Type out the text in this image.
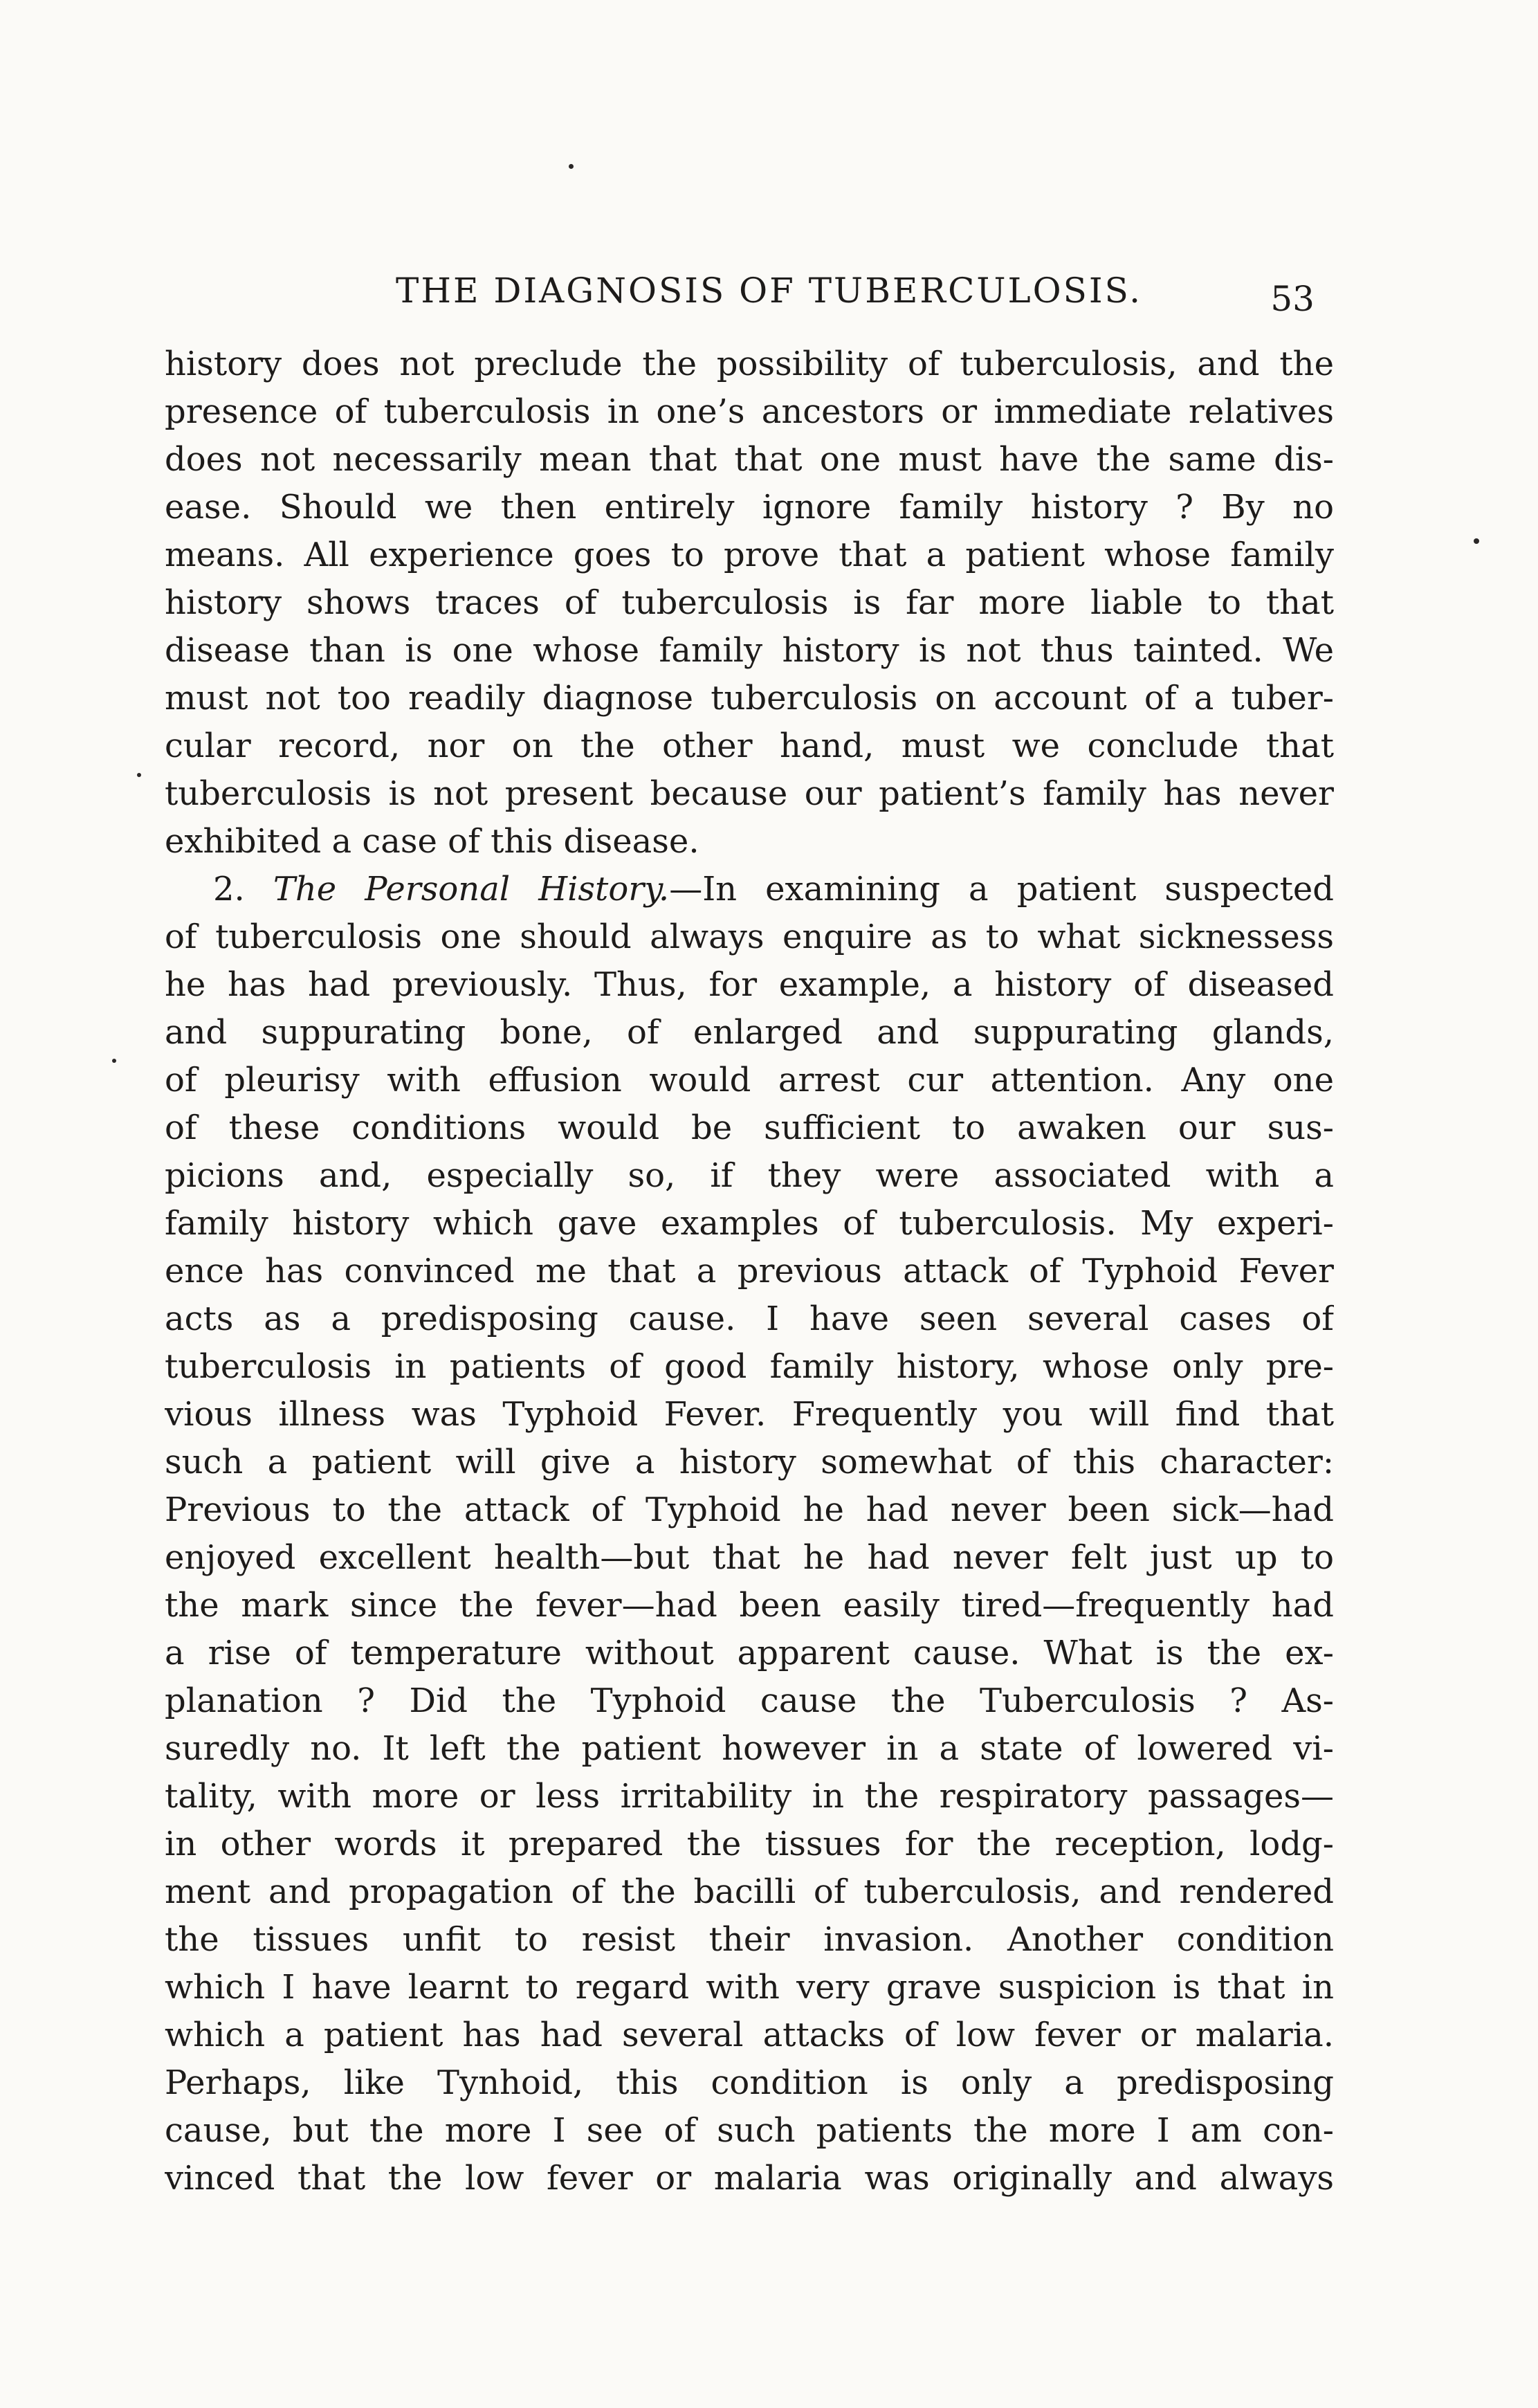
THE DIAGNOSIS OF TUBERCULOSIS.	53
history does not preclude the possibility of tuberculosis, and the
presence of tuberculosis in one’s ancestors or immediate relatives
does not necessarily mean that that one must have the same dis-
ease. Should we then entirely ignore family history ? By no
means. All experience goes to prove that a patient whose family
history shows traces of tuberculosis is far more liable to that
disease than is one whose family history is not thus tainted. We
must not too readily diagnose tuberculosis on account of a tuber-
cular record, nor on the other hand, must we conclude that
tuberculosis is not present because our patient’s family has never
exhibited a case of this disease.
2. The Personal History.—In examining a patient suspected
of tuberculosis one should always enquire as to what sicknessess
he has had previously. Thus, for example, a history of diseased
and suppurating bone, of enlarged and suppurating glands,
of pleurisy with effusion would arrest cur attention. Any one
of these conditions would be sufficient to awaken our sus-
picions and, especially so, if they were associated with a
family history which gave examples of tuberculosis. My experi-
ence has convinced me that a previous attack of Typhoid Fever
acts as a predisposing cause. I have seen several cases of
tuberculosis in patients of good family history, whose only pre-
vious illness was Typhoid Fever. Frequently you will find that
such a patient will give a history somewhat of this character:
Previous to the attack of Typhoid he had never been sick—had
enjoyed excellent health—but that he had never felt just up to
the mark since the fever—had been easily tired—frequently had
a rise of temperature without apparent cause. What is the ex-
planation ? Did the Typhoid cause the Tuberculosis ? As-
suredly no. It left the patient however in a state of lowered vi-
tality, with more or less irritability in the respiratory passages—
in other words it prepared the tissues for the reception, lodg-
ment and propagation of the bacilli of tuberculosis, and rendered
the tissues unfit to resist their invasion. Another condition
which I have learnt to regard with very grave suspicion is that in
which a patient has had several attacks of low fever or malaria.
Perhaps, like Tynhoid, this condition is only a predisposing
cause, but the more I see of such patients the more I am con-
vinced that the low fever or malaria was originally and always
